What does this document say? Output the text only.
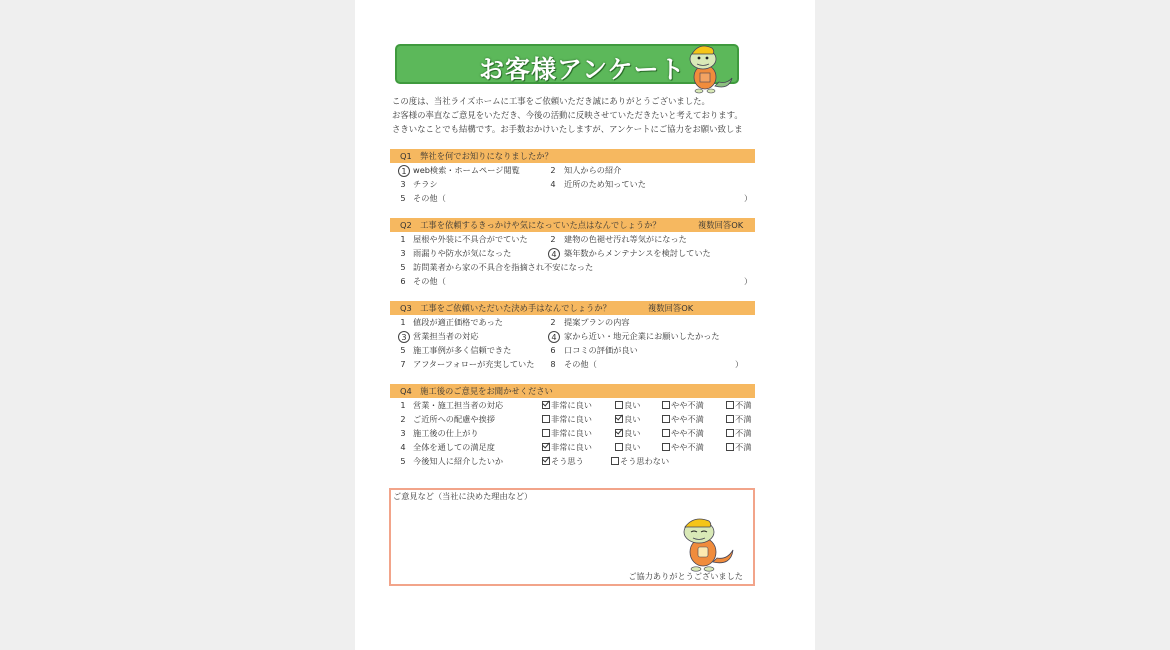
お客様アンケート
この度は、当社ライズホームに工事をご依頼いただき誠にありがとうございました。
お客様の率直なご意見をいただき、今後の活動に反映させていただきたいと考えております。
さきいなことでも結構です。お手数おかけいたしますが、アンケートにご協力をお願い致しま
Q1　弊社を何でお知りになりましたか？
1 web検索・ホームページ閲覧	2 知人からの紹介
3 チラシ	4 近所のため知っていた
5 その他（	）
Q2　工事を依頼するきっかけや気になっていた点はなんでしょうか？	複数回答OK
1 屋根や外装に不具合がでていた	2 建物の色褪せ汚れ等気がになった
3 雨漏りや防水が気になった	4 築年数からメンテナンスを検討していた
5 訪問業者から家の不具合を指摘され不安になった
6 その他（	）
Q3　工事をご依頼いただいた決め手はなんでしょうか？	複数回答OK
1 値段が適正価格であった	2 提案プランの内容
3 営業担当者の対応	4 家から近い・地元企業にお願いしたかった
5 施工事例が多く信頼できた	6 口コミの評価が良い
7 アフターフォローが充実していた 8 その他（	）
Q4　施工後のご意見をお聞かせください
1 営業・施工担当者の対応	非常に良い	良い	やや不満	不満
2 ご近所への配慮や挨拶	非常に良い	良い	やや不満	不満
3 施工後の仕上がり	非常に良い	良い	やや不満	不満
4 全体を通しての満足度	非常に良い	良い	やや不満	不満
5 今後知人に紹介したいか	そう思う	そう思わない
ご意見など（当社に決めた理由など）
ご協力ありがとうございました
